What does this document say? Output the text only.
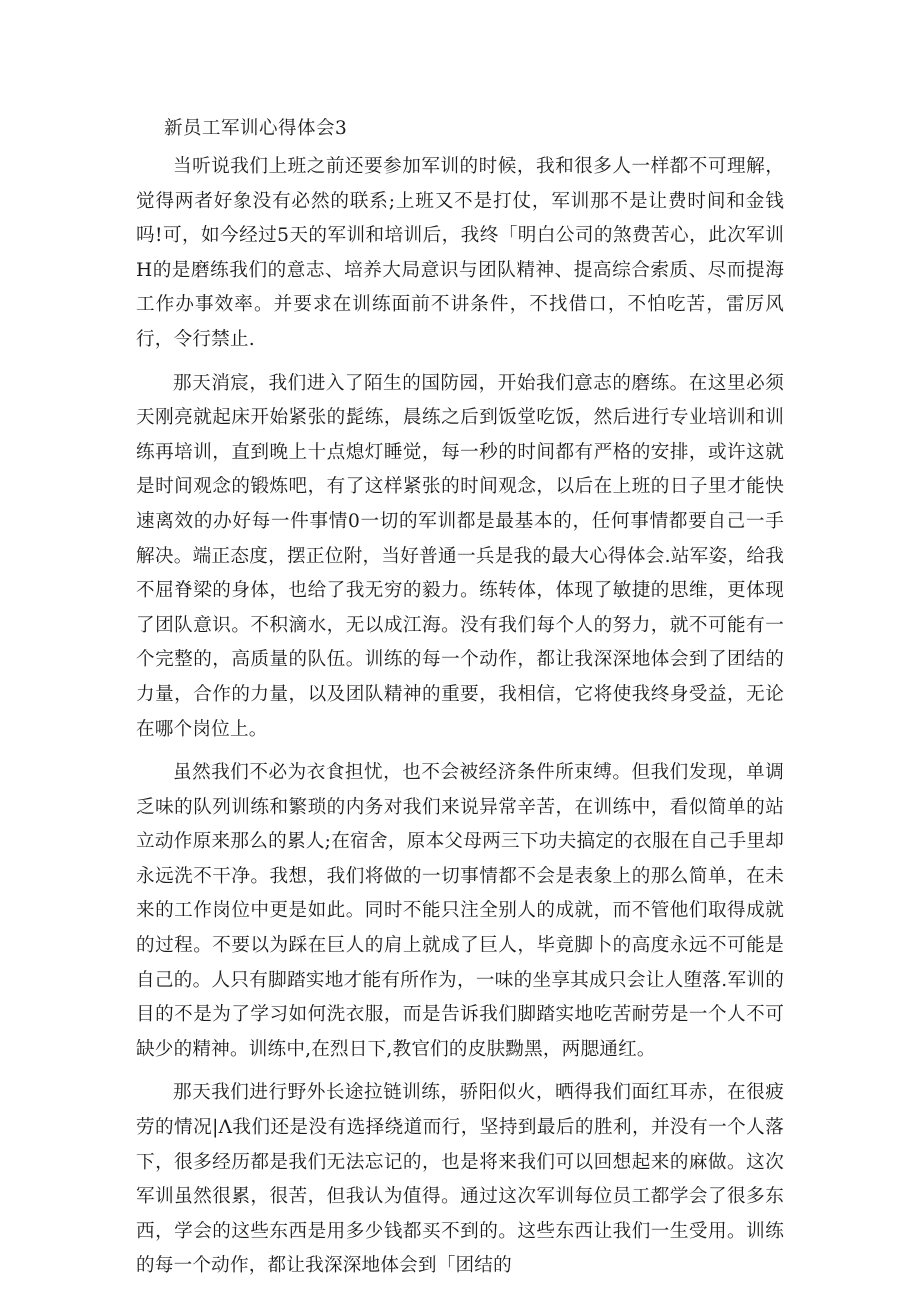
新员工军训心得体会3

当听说我们上班之前还要参加军训的时候，我和很多人一样都不可理解，觉得两者好象没有必然的联系;上班又不是打仗，军训那不是让费时间和金钱吗!可，如今经过5天的军训和培训后，我终「明白公司的煞费苦心，此次军训H的是磨练我们的意志、培养大局意识与团队精神、提高综合索质、尽而提海工作办事效率。并要求在训练面前不讲条件，不找借口，不怕吃苦，雷厉风行，令行禁止.

那天消宸，我们进入了陌生的国防园，开始我们意志的磨练。在这里必须天刚亮就起床开始紧张的髭练，晨练之后到饭堂吃饭，然后进行专业培训和训练再培训，直到晚上十点熄灯睡觉，每一秒的时间都有严格的安排，或许这就是时间观念的锻炼吧，有了这样紧张的时间观念，以后在上班的日子里才能快速离效的办好每一件事情0一切的军训都是最基本的，任何事情都要自己一手解决。端正态度，摆正位附，当好普通一兵是我的最大心得体会.站军姿，给我不屈脊梁的身体，也给了我无穷的毅力。练转体，体现了敏捷的思维，更体现了团队意识。不积滴水，无以成江海。没有我们每个人的努力，就不可能有一个完整的，高质量的队伍。训练的每一个动作，都让我深深地体会到了团结的力量，合作的力量，以及团队精神的重要，我相信，它将使我终身受益，无论在哪个岗位上。

虽然我们不必为衣食担忧，也不会被经济条件所束缚。但我们发现，单调乏味的队列训练和繁琐的内务对我们来说异常辛苦，在训练中，看似简单的站立动作原来那么的累人;在宿舍，原本父母两三下功夫搞定的衣服在自己手里却永远洗不干净。我想，我们将做的一切事情都不会是表象上的那么简单，在未来的工作岗位中更是如此。同时不能只注全别人的成就，而不管他们取得成就的过程。不要以为踩在巨人的肩上就成了巨人，毕竟脚卜的高度永远不可能是自己的。人只有脚踏实地才能有所作为，一味的坐享其成只会让人堕落.军训的目的不是为了学习如何洗衣服，而是告诉我们脚踏实地吃苦耐劳是一个人不可缺少的精神。训练中,在烈日下,教官们的皮肤黝黑，两腮通红。

那天我们进行野外长途拉链训练，骄阳似火，晒得我们面红耳赤，在很疲劳的情况|Λ我们还是没有选择绕道而行，坚持到最后的胜利，并没有一个人落下，很多经历都是我们无法忘记的，也是将来我们可以回想起来的麻做。这次军训虽然很累，很苦，但我认为值得。通过这次军训每位员工都学会了很多东西，学会的这些东西是用多少钱都买不到的。这些东西让我们一生受用。训练的每一个动作，都让我深深地体会到「团结的
